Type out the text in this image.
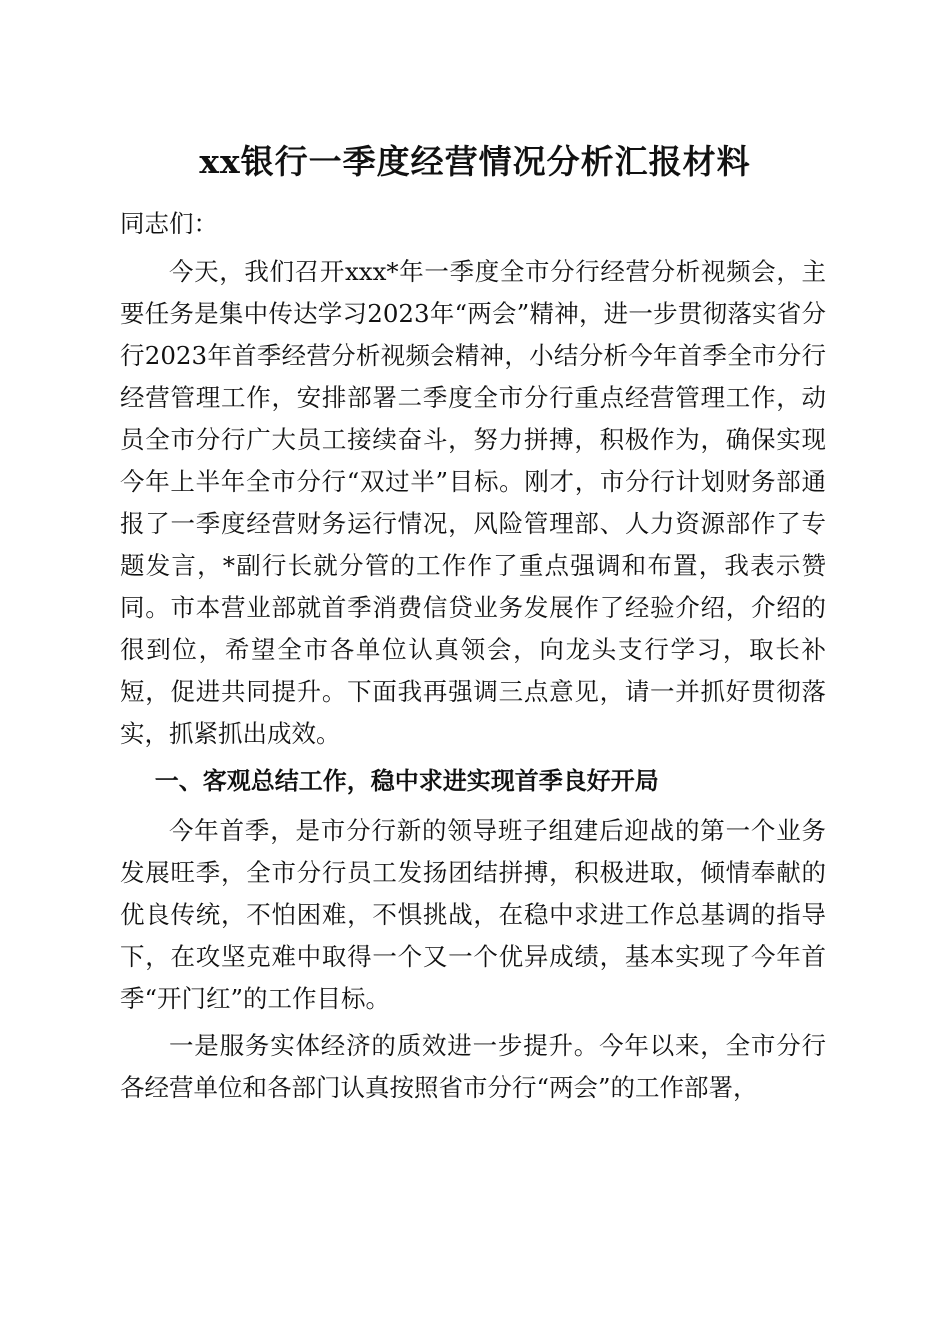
xx银行一季度经营情况分析汇报材料

同志们：

今天，我们召开xxx*年一季度全市分行经营分析视频会，主要任务是集中传达学习2023年“两会”精神，进一步贯彻落实省分行2023年首季经营分析视频会精神，小结分析今年首季全市分行经营管理工作，安排部署二季度全市分行重点经营管理工作，动员全市分行广大员工接续奋斗，努力拼搏，积极作为，确保实现今年上半年全市分行“双过半”目标。刚才，市分行计划财务部通报了一季度经营财务运行情况，风险管理部、人力资源部作了专题发言，*副行长就分管的工作作了重点强调和布置，我表示赞同。市本营业部就首季消费信贷业务发展作了经验介绍，介绍的很到位，希望全市各单位认真领会，向龙头支行学习，取长补短，促进共同提升。下面我再强调三点意见，请一并抓好贯彻落实，抓紧抓出成效。

一、客观总结工作，稳中求进实现首季良好开局

今年首季，是市分行新的领导班子组建后迎战的第一个业务发展旺季，全市分行员工发扬团结拼搏，积极进取，倾情奉献的优良传统，不怕困难，不惧挑战，在稳中求进工作总基调的指导下，在攻坚克难中取得一个又一个优异成绩，基本实现了今年首季“开门红”的工作目标。

一是服务实体经济的质效进一步提升。今年以来，全市分行各经营单位和各部门认真按照省市分行“两会”的工作部署，
